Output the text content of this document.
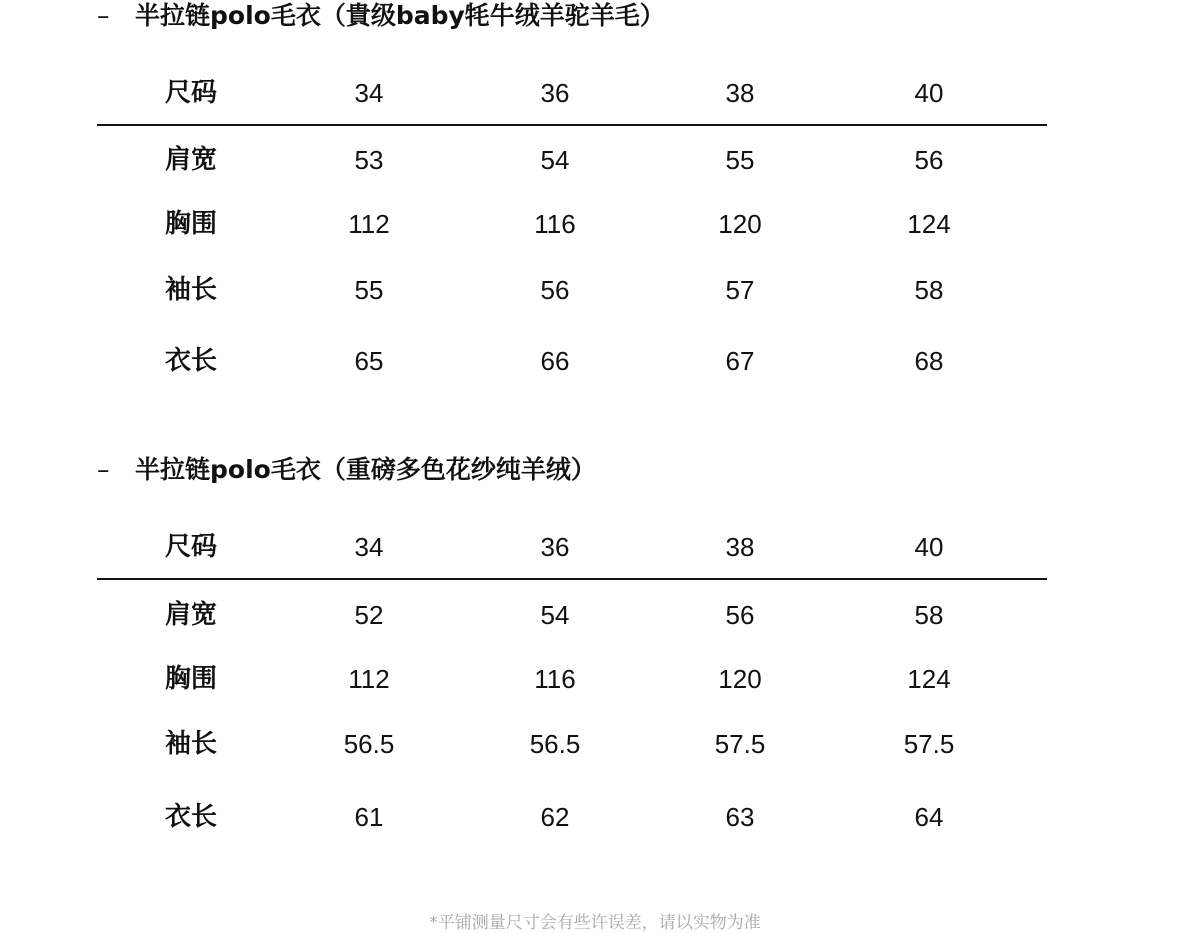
– 半拉链polo毛衣（貴级baby牦牛绒羊驼羊毛）
尺码	34	36	38	40
肩宽	53	54	55	56
胸围	112	116	120	124
袖长	55	56	57	58
衣长	65	66	67	68
– 半拉链polo毛衣（重磅多色花纱纯羊绒）
尺码	34	36	38	40
肩宽	52	54	56	58
胸围	112	116	120	124
袖长	56.5	56.5	57.5	57.5
衣长	61	62	63	64
*平铺测量尺寸会有些许误差，请以实物为准
